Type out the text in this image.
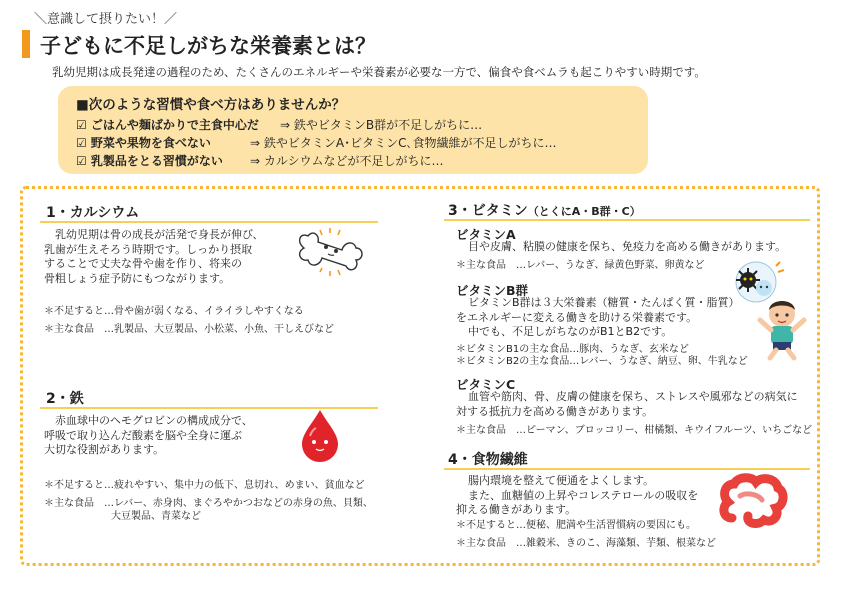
＼意識して摂りたい！／
子どもに不足しがちな栄養素とは？
乳幼児期は成長発達の過程のため、たくさんのエネルギーや栄養素が必要な一方で、偏食や食べムラも起こりやすい時期です。
■次のような習慣や食べ方はありませんか？
☑ ごはんや麺ばかりで主食中心だ ⇒ 鉄やビタミンB群が不足しがちに…
☑ 野菜や果物を食べない	⇒ 鉄やビタミンA･ビタミンC､食物繊維が不足しがちに…
☑ 乳製品をとる習慣がない ⇒ カルシウムなどが不足しがちに…
1・カルシウム
乳幼児期は骨の成長が活発で身長が伸び、
乳歯が生えそろう時期です。しっかり摂取
することで丈夫な骨や歯を作り、将来の
骨粗しょう症予防にもつながります。
＊不足すると…骨や歯が弱くなる、イライラしやすくなる
＊主な食品　…乳製品、大豆製品、小松菜、小魚、干しえびなど
2・鉄
赤血球中のヘモグロビンの構成成分で、
呼吸で取り込んだ酸素を脳や全身に運ぶ
大切な役割があります。
＊不足すると…疲れやすい、集中力の低下、息切れ、めまい、貧血など
＊主な食品　…レバー、赤身肉、まぐろやかつおなどの赤身の魚、貝類、
大豆製品、青菜など
3・ビタミン（とくにA・B群・C）
ビタミンA
目や皮膚、粘膜の健康を保ち、免疫力を高める働きがあります。
＊主な食品　…レバー、うなぎ、緑黄色野菜、卵黄など
ビタミンB群
ビタミンB群は３大栄養素（糖質・たんぱく質・脂質）
をエネルギーに変える働きを助ける栄養素です。
中でも、不足しがちなのがB1とB2です。
＊ビタミンB1の主な食品…豚肉、うなぎ、玄米など
＊ビタミンB2の主な食品…レバー、うなぎ、納豆、卵、牛乳など
ビタミンC
血管や筋肉、骨、皮膚の健康を保ち、ストレスや風邪などの病気に
対する抵抗力を高める働きがあります。
＊主な食品　…ピーマン、ブロッコリー、柑橘類、キウイフルーツ、いちごなど
4・食物繊維
腸内環境を整えて便通をよくします。
また、血糖値の上昇やコレステロールの吸収を
抑える働きがあります。
＊不足すると…便秘、肥満や生活習慣病の要因にも。
＊主な食品　…雑穀米、きのこ、海藻類、芋類、根菜など
